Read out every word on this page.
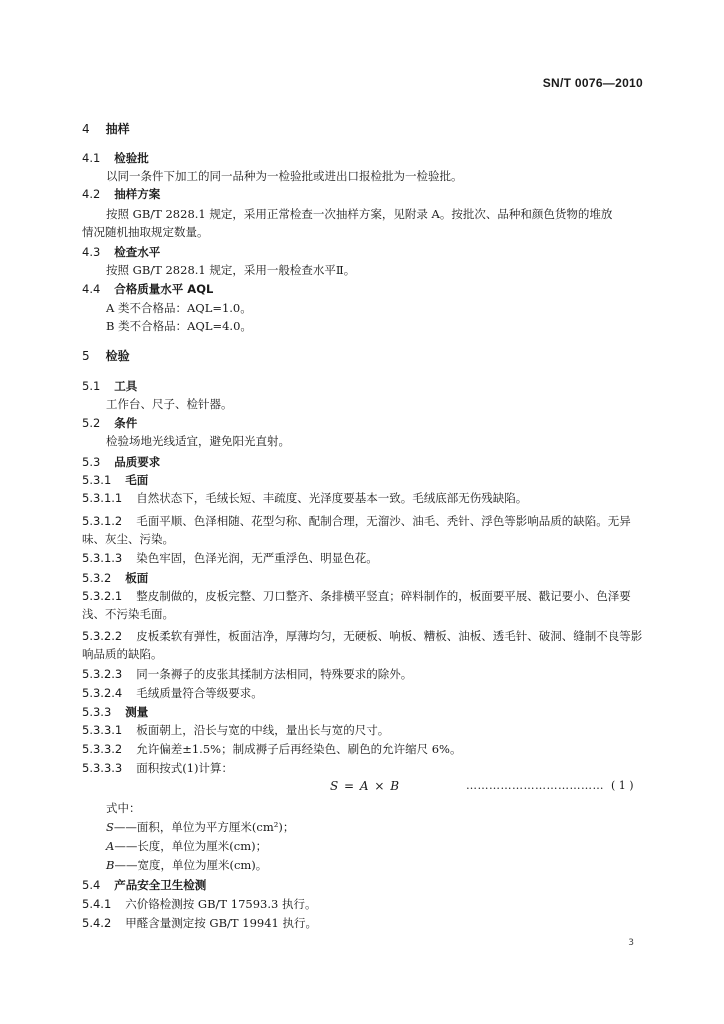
SN/T 0076—2010
4 抽样
4.1 检验批
以同一条件下加工的同一品种为一检验批或进出口报检批为一检验批。
4.2 抽样方案
按照 GB/T 2828.1 规定，采用正常检查一次抽样方案，见附录 A。按批次、品种和颜色货物的堆放
情况随机抽取规定数量。
4.3 检查水平
按照 GB/T 2828.1 规定，采用一般检查水平Ⅱ。
4.4 合格质量水平 AQL
A 类不合格品：AQL=1.0。
B 类不合格品：AQL=4.0。
5 检验
5.1 工具
工作台、尺子、检针器。
5.2 条件
检验场地光线适宜，避免阳光直射。
5.3 品质要求
5.3.1 毛面
5.3.1.1 自然状态下，毛绒长短、丰疏度、光泽度要基本一致。毛绒底部无伤残缺陷。
5.3.1.2 毛面平顺、色泽相随、花型匀称、配制合理，无溜沙、油毛、秃针、浮色等影响品质的缺陷。无异
味、灰尘、污染。
5.3.1.3 染色牢固，色泽光润，无严重浮色、明显色花。
5.3.2 板面
5.3.2.1 整皮制做的，皮板完整、刀口整齐、条排横平竖直；碎料制作的，板面要平展、戳记要小、色泽要
浅、不污染毛面。
5.3.2.2 皮板柔软有弹性，板面洁净，厚薄均匀，无硬板、响板、糟板、油板、透毛针、破洞、缝制不良等影
响品质的缺陷。
5.3.2.3 同一条褥子的皮张其揉制方法相同，特殊要求的除外。
5.3.2.4 毛绒质量符合等级要求。
5.3.3 测量
5.3.3.1 板面朝上，沿长与宽的中线，量出长与宽的尺寸。
5.3.3.2 允许偏差±1.5%；制成褥子后再经染色、刷色的允许缩尺 6%。
5.3.3.3 面积按式(1)计算：
S = A × B	……………………………… ( 1 )
式中：
S——面积，单位为平方厘米(cm²)；
A——长度，单位为厘米(cm)；
B——宽度，单位为厘米(cm)。
5.4 产品安全卫生检测
5.4.1 六价铬检测按 GB/T 17593.3 执行。
5.4.2 甲醛含量测定按 GB/T 19941 执行。
3
